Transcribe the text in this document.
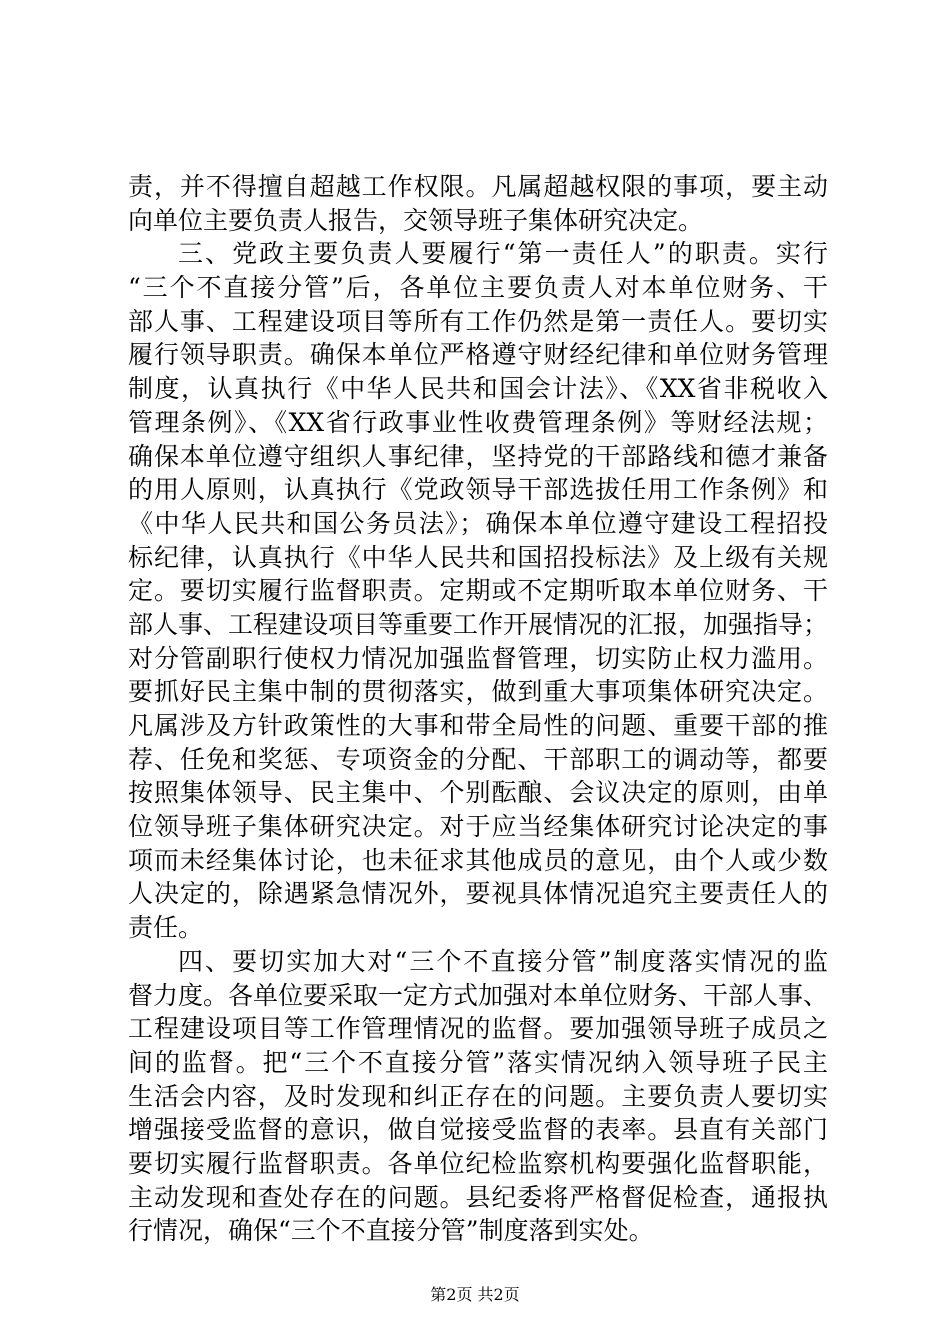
责，并不得擅自超越工作权限。凡属超越权限的事项，要主动
向单位主要负责人报告，交领导班子集体研究决定。
三、党政主要负责人要履行“第一责任人”的职责。实行
“三个不直接分管”后，各单位主要负责人对本单位财务、干
部人事、工程建设项目等所有工作仍然是第一责任人。要切实
履行领导职责。确保本单位严格遵守财经纪律和单位财务管理
制度，认真执行《中华人民共和国会计法》、《XX省非税收入
管理条例》、《XX省行政事业性收费管理条例》等财经法规；
确保本单位遵守组织人事纪律，坚持党的干部路线和德才兼备
的用人原则，认真执行《党政领导干部选拔任用工作条例》和
《中华人民共和国公务员法》；确保本单位遵守建设工程招投
标纪律，认真执行《中华人民共和国招投标法》及上级有关规
定。要切实履行监督职责。定期或不定期听取本单位财务、干
部人事、工程建设项目等重要工作开展情况的汇报，加强指导；
对分管副职行使权力情况加强监督管理，切实防止权力滥用。
要抓好民主集中制的贯彻落实，做到重大事项集体研究决定。
凡属涉及方针政策性的大事和带全局性的问题、重要干部的推
荐、任免和奖惩、专项资金的分配、干部职工的调动等，都要
按照集体领导、民主集中、个别酝酿、会议决定的原则，由单
位领导班子集体研究决定。对于应当经集体研究讨论决定的事
项而未经集体讨论，也未征求其他成员的意见，由个人或少数
人决定的，除遇紧急情况外，要视具体情况追究主要责任人的
责任。
四、要切实加大对“三个不直接分管”制度落实情况的监
督力度。各单位要采取一定方式加强对本单位财务、干部人事、
工程建设项目等工作管理情况的监督。要加强领导班子成员之
间的监督。把“三个不直接分管”落实情况纳入领导班子民主
生活会内容，及时发现和纠正存在的问题。主要负责人要切实
增强接受监督的意识，做自觉接受监督的表率。县直有关部门
要切实履行监督职责。各单位纪检监察机构要强化监督职能，
主动发现和查处存在的问题。县纪委将严格督促检查，通报执
行情况，确保“三个不直接分管”制度落到实处。
第2页 共2页
